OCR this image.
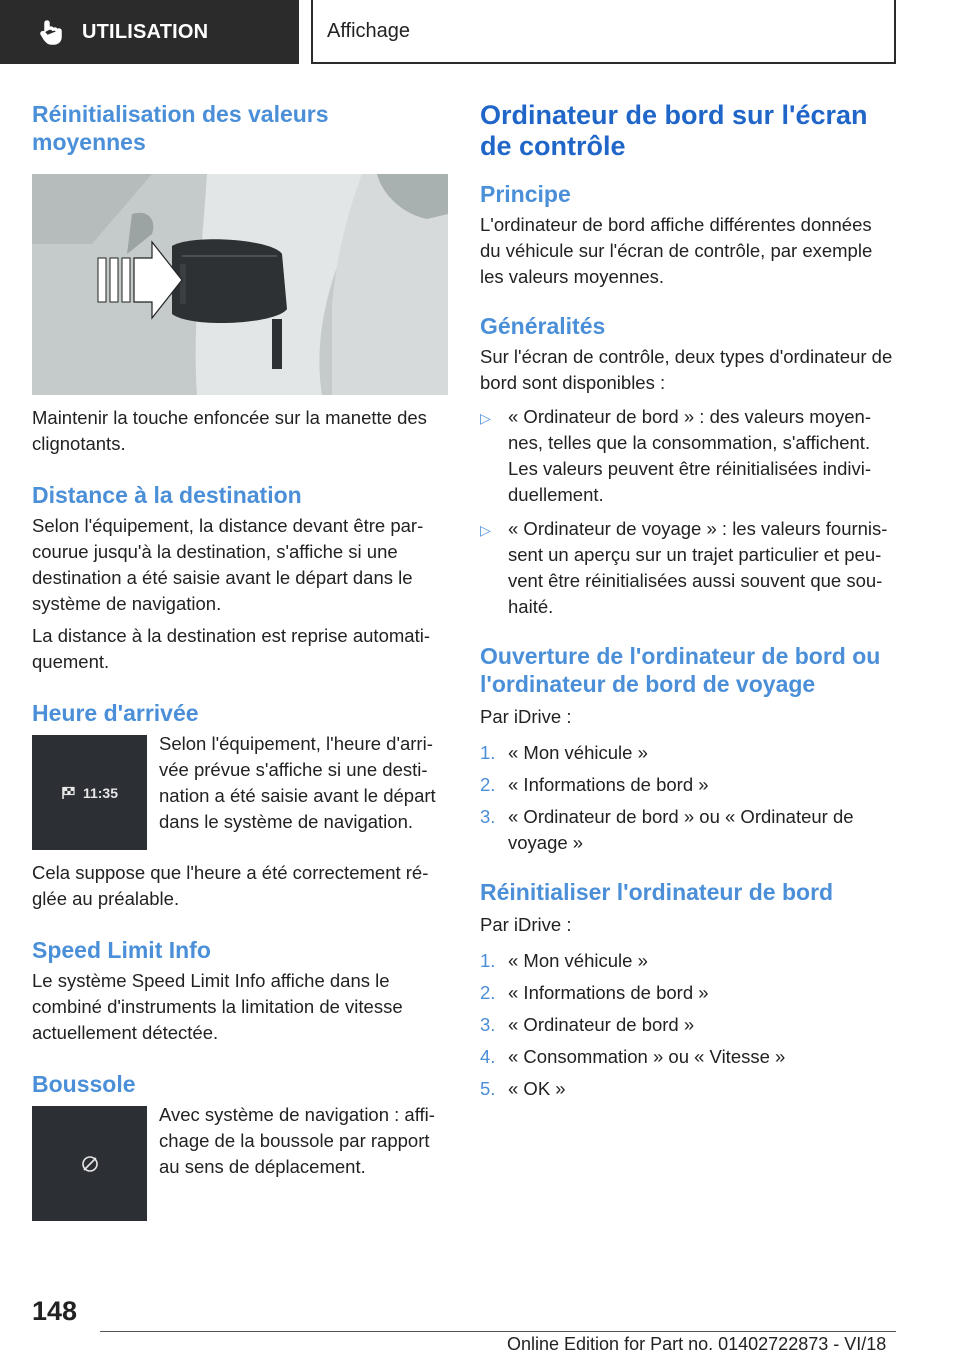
UTILISATION	Affichage
Réinitialisation des valeurs moyennes
Maintenir la touche enfoncée sur la manette des clignotants.
Distance à la destination
Selon l'équipement, la distance devant être par-courue jusqu'à la destination, s'affiche si une destination a été saisie avant le départ dans le système de navigation.
La distance à la destination est reprise automati-quement.
Heure d'arrivée
11:35
Selon l'équipement, l'heure d'arri-vée prévue s'affiche si une desti-nation a été saisie avant le départ dans le système de navigation.
Cela suppose que l'heure a été correctement ré-glée au préalable.
Speed Limit Info
Le système Speed Limit Info affiche dans le combiné d'instruments la limitation de vitesse actuellement détectée.
Boussole
Avec système de navigation : affi-chage de la boussole par rapport au sens de déplacement.
Ordinateur de bord sur l'écran de contrôle
Principe
L'ordinateur de bord affiche différentes données du véhicule sur l'écran de contrôle, par exemple les valeurs moyennes.
Généralités
Sur l'écran de contrôle, deux types d'ordinateur de bord sont disponibles :
▷ « Ordinateur de bord » : des valeurs moyen-nes, telles que la consommation, s'affichent. Les valeurs peuvent être réinitialisées indivi-duellement.
▷ « Ordinateur de voyage » : les valeurs fournis-sent un aperçu sur un trajet particulier et peu-vent être réinitialisées aussi souvent que sou-haité.
Ouverture de l'ordinateur de bord ou l'ordinateur de bord de voyage
Par iDrive :
1. « Mon véhicule »
2. « Informations de bord »
3. « Ordinateur de bord » ou « Ordinateur de voyage »
Réinitialiser l'ordinateur de bord
Par iDrive :
1. « Mon véhicule »
2. « Informations de bord »
3. « Ordinateur de bord »
4. « Consommation » ou « Vitesse »
5. « OK »
148
Online Edition for Part no. 01402722873 - VI/18
